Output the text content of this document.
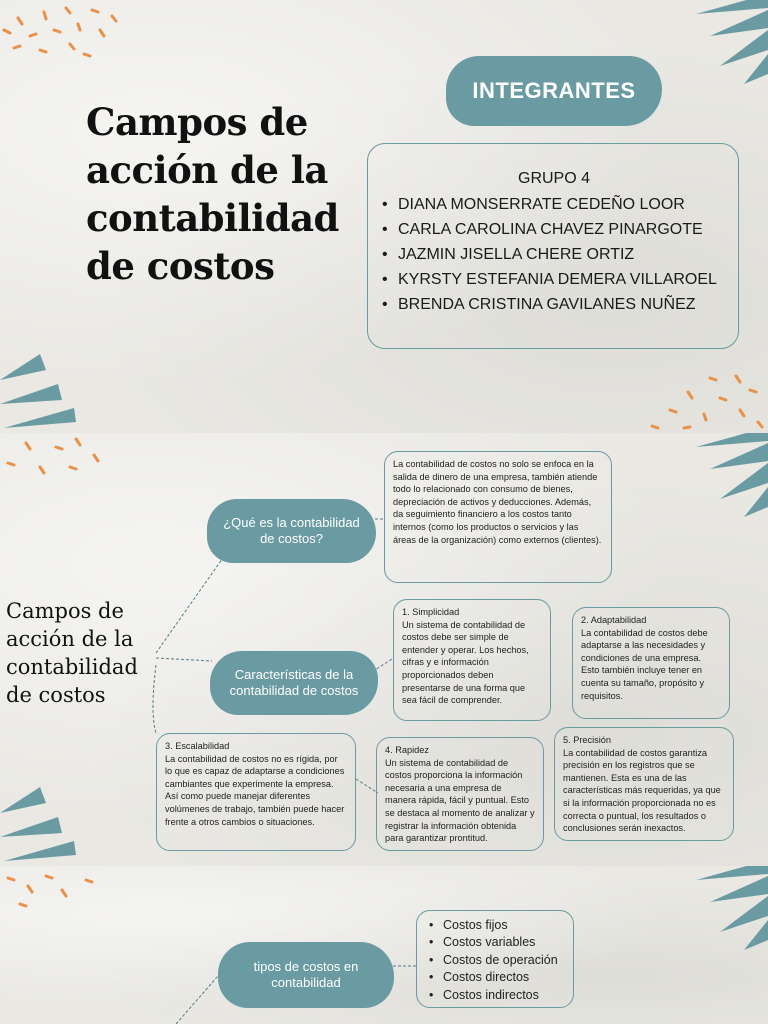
Campos de
acción de la
contabilidad
de costos
INTEGRANTES
GRUPO 4
• DIANA MONSERRATE CEDEÑO LOOR
• CARLA CAROLINA CHAVEZ PINARGOTE
• JAZMIN JISELLA CHERE ORTIZ
• KYRSTY ESTEFANIA DEMERA VILLAROEL
• BRENDA CRISTINA GAVILANES NUÑEZ
Campos de
acción de la
contabilidad
de costos
¿Qué es la contabilidad de costos?
La contabilidad de costos no solo se enfoca en la salida de dinero de una empresa, también atiende todo lo relacionado con consumo de bienes, depreciación de activos y deducciones. Además, da seguimiento financiero a los costos tanto internos (como los productos o servicios y las áreas de la organización) como externos (clientes).
Características de la contabilidad de costos
1. Simplicidad
Un sistema de contabilidad de costos debe ser simple de entender y operar. Los hechos, cifras y e información proporcionados deben presentarse de una forma que sea fácil de comprender.
2. Adaptabilidad
La contabilidad de costos debe adaptarse a las necesidades y condiciones de una empresa. Esto también incluye tener en cuenta su tamaño, propósito y requisitos.
3. Escalabilidad
La contabilidad de costos no es rígida, por lo que es capaz de adaptarse a condiciones cambiantes que experimente la empresa. Así como puede manejar diferentes volúmenes de trabajo, también puede hacer frente a otros cambios o situaciones.
4. Rapidez
Un sistema de contabilidad de costos proporciona la información necesaria a una empresa de manera rápida, fácil y puntual. Esto se destaca al momento de analizar y registrar la información obtenida para garantizar prontitud.
5. Precisión
La contabilidad de costos garantiza precisión en los registros que se mantienen. Esta es una de las características más requeridas, ya que si la información proporcionada no es correcta o puntual, los resultados o conclusiones serán inexactos.
tipos de costos en contabilidad
• Costos fijos
• Costos variables
• Costos de operación
• Costos directos
• Costos indirectos
